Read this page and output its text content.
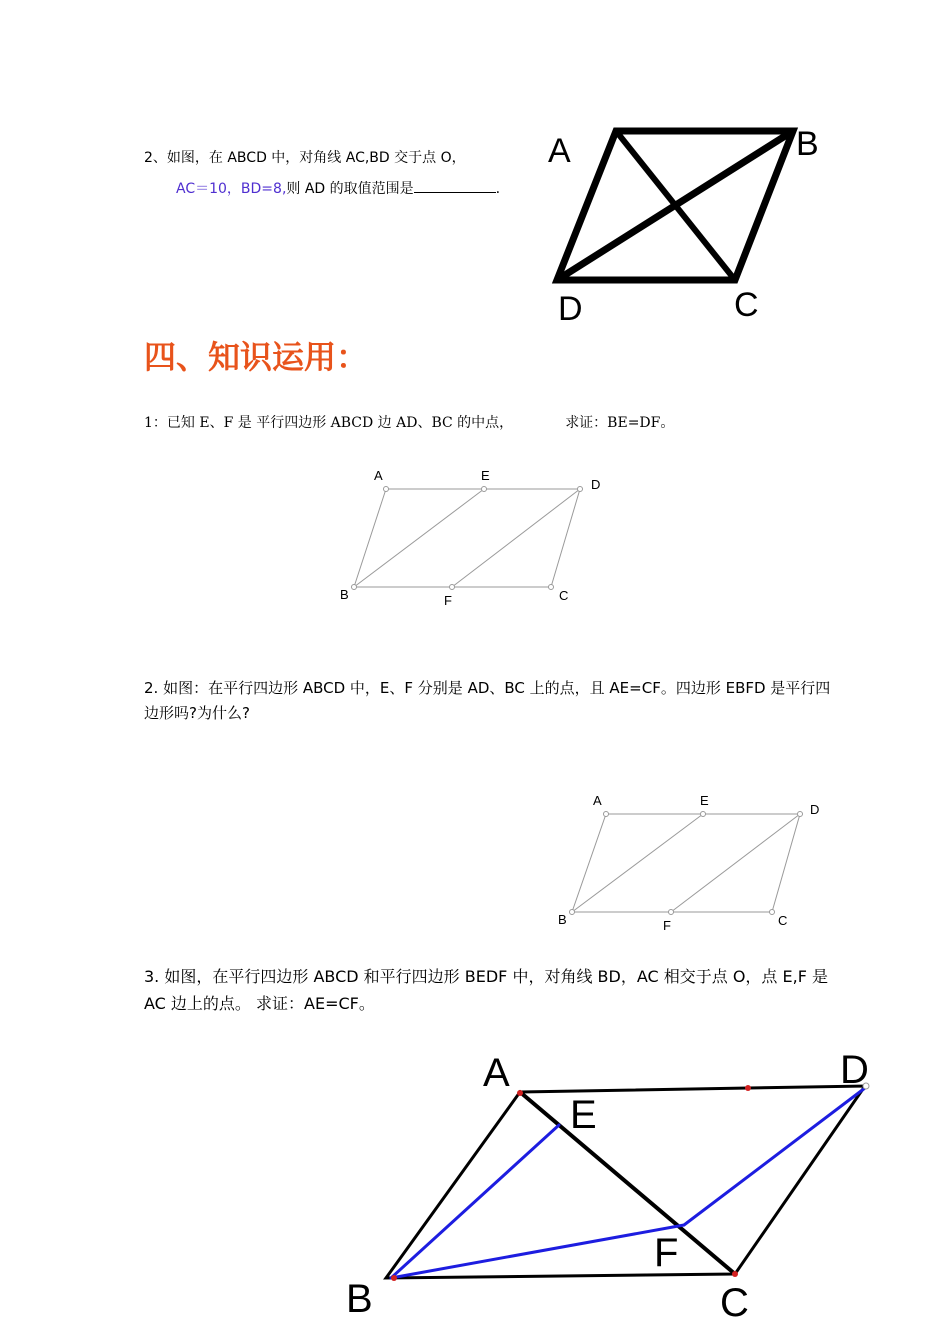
2、如图，在 ABCD 中，对角线 AC,BD 交于点 O，
AC＝10，BD=8,则 AD 的取值范围是	.
四、知识运用：
1：已知 E、F 是 平行四边形 ABCD 边 AD、BC 的中点，	求证：BE=DF。
2. 如图：在平行四边形 ABCD 中，E、F 分别是 AD、BC 上的点，且 AE=CF。四边形 EBFD 是平行四边形吗?为什么?
3. 如图，在平行四边形 ABCD 和平行四边形 BEDF 中，对角线 BD，AC 相交于点 O，点 E,F 是 AC 边上的点。 求证：AE=CF。
A	B
D	C
A	E
D
B	F	C
A	E
D
B	F	C
A	D
E
F
B	C
